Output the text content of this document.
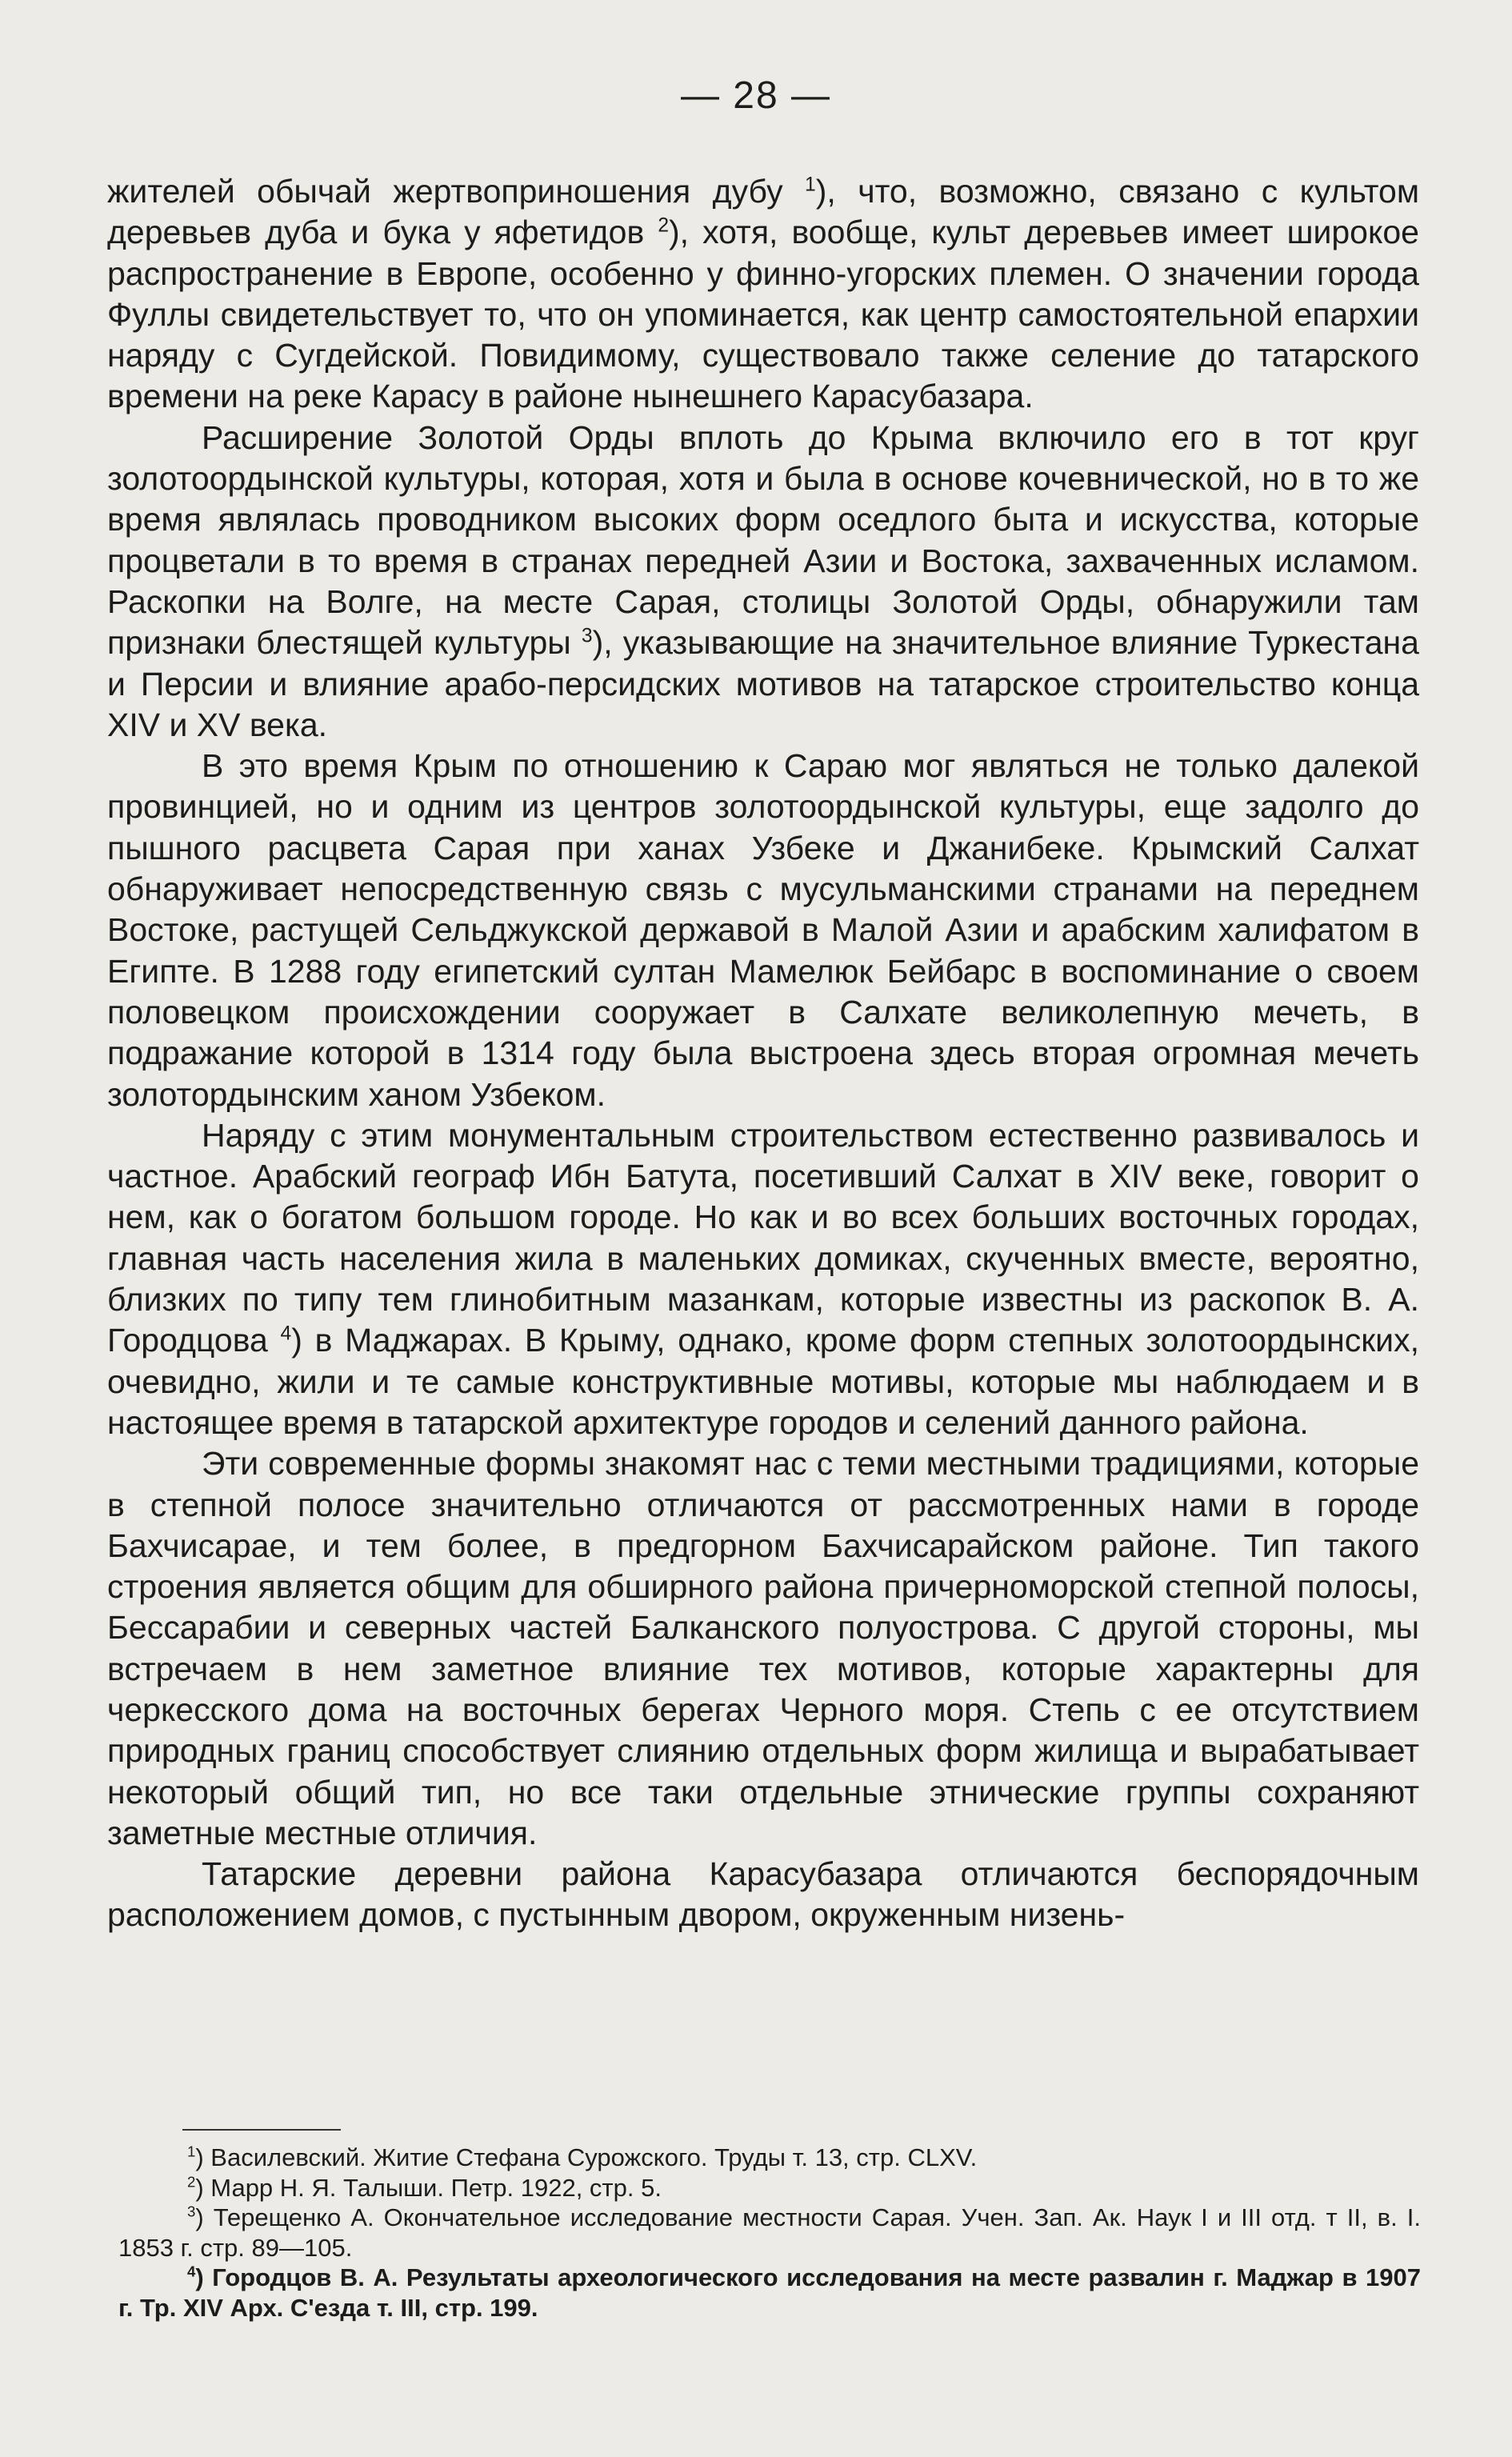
— 28 —

жителей обычай жертвоприношения дубу $^1$), что, возможно, связано с культом деревьев дуба и бука у яфетидов $^2$), хотя, вообще, культ деревьев имеет широкое распространение в Европе, особенно у финно-угорских племен. О значении города Фуллы свидетельствует то, что он упоминается, как центр самостоятельной епархии наряду с Сугдейской. Повидимому, существовало также селение до татарского времени на реке Карасу в районе нынешнего Карасубазара.

Расширение Золотой Орды вплоть до Крыма включило его в тот круг золотоордынской культуры, которая, хотя и была в основе кочевнической, но в то же время являлась проводником высоких форм оседлого быта и искусства, которые процветали в то время в странах передней Азии и Востока, захваченных исламом. Раскопки на Волге, на месте Сарая, столицы Золотой Орды, обнаружили там признаки блестящей культуры $^3$), указывающие на значительное влияние Туркестана и Персии и влияние арабо-персидских мотивов на татарское строительство конца XIV и XV века.

В это время Крым по отношению к Сараю мог являться не только далекой провинцией, но и одним из центров золотоордынской культуры, еще задолго до пышного расцвета Сарая при ханах Узбеке и Джанибеке. Крымский Салхат обнаруживает непосредственную связь с мусульманскими странами на переднем Востоке, растущей Сельджукской державой в Малой Азии и арабским халифатом в Египте. В 1288 году египетский султан Мамелюк Бейбарс в воспоминание о своем половецком происхождении сооружает в Салхате великолепную мечеть, в подражание которой в 1314 году была выстроена здесь вторая огромная мечеть золотордынским ханом Узбеком.

Наряду с этим монументальным строительством естественно развивалось и частное. Арабский географ Ибн Батута, посетивший Салхат в XIV веке, говорит о нем, как о богатом большом городе. Но как и во всех больших восточных городах, главная часть населения жила в маленьких домиках, скученных вместе, вероятно, близких по типу тем глинобитным мазанкам, которые известны из раскопок В. А. Городцова $^4$) в Маджарах. В Крыму, однако, кроме форм степных золотоордынских, очевидно, жили и те самые конструктивные мотивы, которые мы наблюдаем и в настоящее время в татарской архитектуре городов и селений данного района.

Эти современные формы знакомят нас с теми местными традициями, которые в степной полосе значительно отличаются от рассмотренных нами в городе Бахчисарае, и тем более, в предгорном Бахчисарайском районе. Тип такого строения является общим для обширного района причерноморской степной полосы, Бессарабии и северных частей Балканского полуострова. С другой стороны, мы встречаем в нем заметное влияние тех мотивов, которые характерны для черкесского дома на восточных берегах Черного моря. Степь с ее отсутствием природных границ способствует слиянию отдельных форм жилища и вырабатывает некоторый общий тип, но все таки отдельные этнические группы сохраняют заметные местные отличия.

Татарские деревни района Карасубазара отличаются беспорядочным расположением домов, с пустынным двором, окруженным низень-

$^1$) Василевский. Житие Стефана Сурожского. Труды т. 13, стр. CLXV.

$^2$) Марр Н. Я. Талыши. Петр. 1922, стр. 5.

$^3$) Терещенко А. Окончательное исследование местности Сарая. Учен. Зап. Ак. Наук I и III отд. т II, в. I. 1853 г. стр. 89—105.

$^4$) Городцов В. А. Результаты археологического исследования на месте развалин г. Маджар в 1907 г. Тр. XIV Арх. С'езда т. III, стр. 199.
